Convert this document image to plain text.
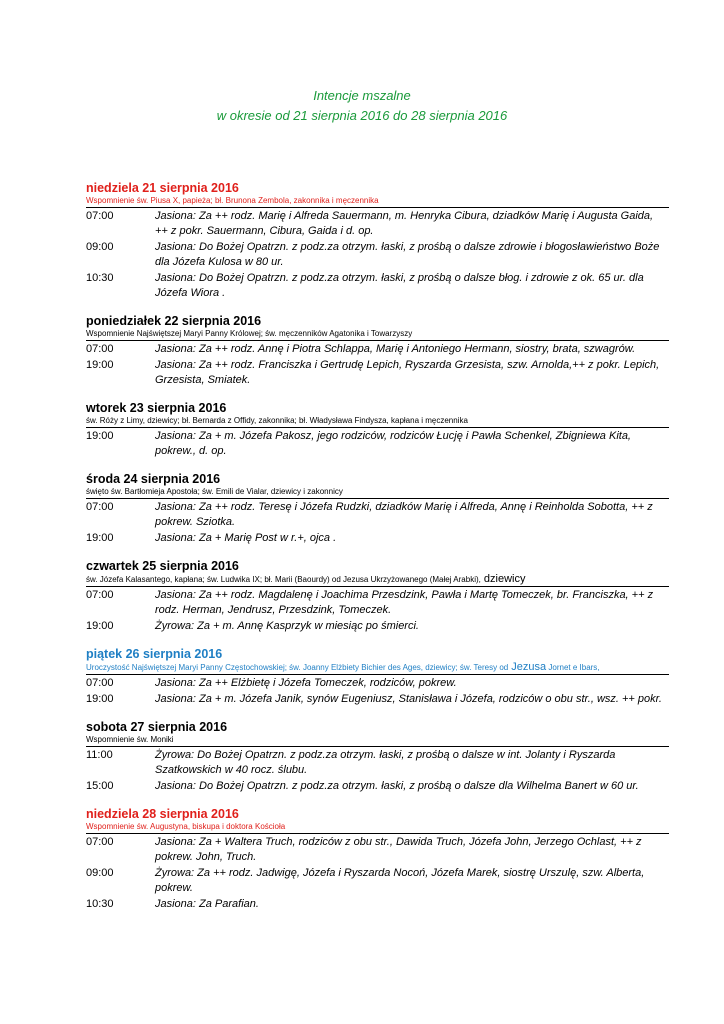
Intencje mszalne
w okresie od 21 sierpnia 2016 do 28 sierpnia 2016
niedziela 21 sierpnia 2016
Wspomnienie św. Piusa X, papieża; bł. Brunona Zembola, zakonnika i męczennika
07:00	Jasiona: Za ++ rodz. Marię i Alfreda Sauermann, m. Henryka Cibura, dziadków Marię i Augusta Gaida,
++ z pokr. Sauermann, Cibura, Gaida i d. op.
09:00	Jasiona: Do Bożej Opatrzn. z podz.za otrzym. łaski, z prośbą o dalsze zdrowie i błogosławieństwo Boże
dla Józefa Kulosa w 80 ur.
10:30	Jasiona: Do Bożej Opatrzn. z podz.za otrzym. łaski, z prośbą o dalsze błog. i zdrowie z ok. 65 ur. dla
Józefa Wiora .
poniedziałek 22 sierpnia 2016
Wspomnienie Najświętszej Maryi Panny Królowej; św. męczenników Agatonika i Towarzyszy
07:00	Jasiona: Za ++ rodz. Annę i Piotra Schlappa, Marię i Antoniego Hermann, siostry, brata, szwagrów.
19:00	Jasiona: Za ++ rodz. Franciszka i Gertrudę Lepich, Ryszarda Grzesista, szw. Arnolda,++ z pokr. Lepich,
Grzesista, Smiatek.
wtorek 23 sierpnia 2016
św. Róży z Limy, dziewicy; bł. Bernarda z Offidy, zakonnika; bł. Władysława Findysza, kapłana i męczennika
19:00	Jasiona: Za + m. Józefa Pakosz, jego rodziców, rodziców Łucję i Pawła Schenkel, Zbigniewa Kita,
pokrew., d. op.
środa 24 sierpnia 2016
święto św. Bartłomieja Apostoła; św. Emili de Vialar, dziewicy i zakonnicy
07:00	Jasiona: Za ++ rodz. Teresę i Józefa Rudzki, dziadków Marię i Alfreda, Annę i Reinholda Sobotta, ++ z
pokrew. Sziotka.
19:00	Jasiona: Za + Marię Post w r.+, ojca .
czwartek 25 sierpnia 2016
św. Józefa Kalasantego, kapłana; św. Ludwika IX; bł. Marii (Baourdy) od Jezusa Ukrzyżowanego (Małej Arabki), dziewicy
07:00	Jasiona: Za ++ rodz. Magdalenę i Joachima Przesdzink, Pawła i Martę Tomeczek, br. Franciszka, ++ z
rodz. Herman, Jendrusz, Przesdzink, Tomeczek.
19:00	Żyrowa: Za + m. Annę Kasprzyk w miesiąc po śmierci.
piątek 26 sierpnia 2016
Uroczystość Najświętszej Maryi Panny Częstochowskiej; św. Joanny Elżbiety Bichier des Ages, dziewicy; św. Teresy od Jezusa Jornet e Ibars,
07:00	Jasiona: Za ++ Elżbietę i Józefa Tomeczek, rodziców, pokrew.
19:00	Jasiona: Za + m. Józefa Janik, synów Eugeniusz, Stanisława i Józefa, rodziców o obu str., wsz. ++ pokr.
sobota 27 sierpnia 2016
Wspomnienie św. Moniki
11:00	Żyrowa: Do Bożej Opatrzn. z podz.za otrzym. łaski, z prośbą o dalsze w int. Jolanty i Ryszarda
Szatkowskich w 40 rocz. ślubu.
15:00	Jasiona: Do Bożej Opatrzn. z podz.za otrzym. łaski, z prośbą o dalsze dla Wilhelma Banert w 60 ur.
niedziela 28 sierpnia 2016
Wspomnienie św. Augustyna, biskupa i doktora Kościoła
07:00	Jasiona: Za + Waltera Truch, rodziców z obu str., Dawida Truch, Józefa John, Jerzego Ochlast, ++ z
pokrew. John, Truch.
09:00	Żyrowa: Za ++ rodz. Jadwigę, Józefa i Ryszarda Nocoń, Józefa Marek, siostrę Urszulę, szw. Alberta,
pokrew.
10:30	Jasiona: Za Parafian.
